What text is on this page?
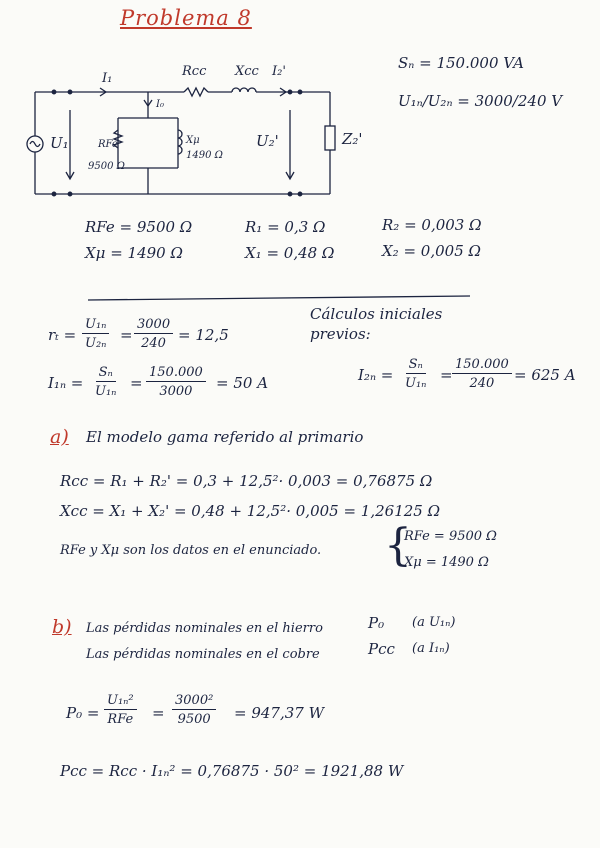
Problema 8
Sₙ = 150.000 VA
U₁ₙ/U₂ₙ = 3000/240 V
I₁	Rcc Xcc I₂'
I₀
U₁	RFe
9500 Ω
Xμ
1490 Ω
U₂'	Z₂'
RFe = 9500 Ω
Xμ = 1490 Ω
R₁ = 0,3 Ω
X₁ = 0,48 Ω
R₂ = 0,003 Ω
X₂ = 0,005 Ω
Cálculos iniciales previos:
$r_t = \frac{\text{U₁ₙ}}{\text{U₂ₙ}} = \frac{3000}{240} = 12,5$
$I_{1n} = \frac{\text{Sₙ}}{\text{U₁ₙ}} = \frac{150.000}{3000} = 50$ A	$I_{2n} = \frac{\text{Sₙ}}{\text{U₁ₙ}} = \frac{150.000}{240} = 625$ A
a) El modelo gama referido al primario
Rcc = R₁ + R₂' = 0,3 + 12,5²· 0,003 = 0,76875 Ω
Xcc = X₁ + X₂' = 0,48 + 12,5²· 0,005 = 1,26125 Ω
RFe y Xμ son los datos en el enunciado. {
RFe = 9500 Ω
Xμ = 1490 Ω
b) Las pérdidas nominales en el hierro	P₀ (a U₁ₙ)
Las pérdidas nominales en el cobre	Pcc (a I₁ₙ)
P₀ =
U₁ₙ²
RFe = $\frac{\text{3000²}}{9500} = 947,37$ W
Pcc = Rcc · I₁ₙ² = 0,76875 · 50² = 1921,88 W
